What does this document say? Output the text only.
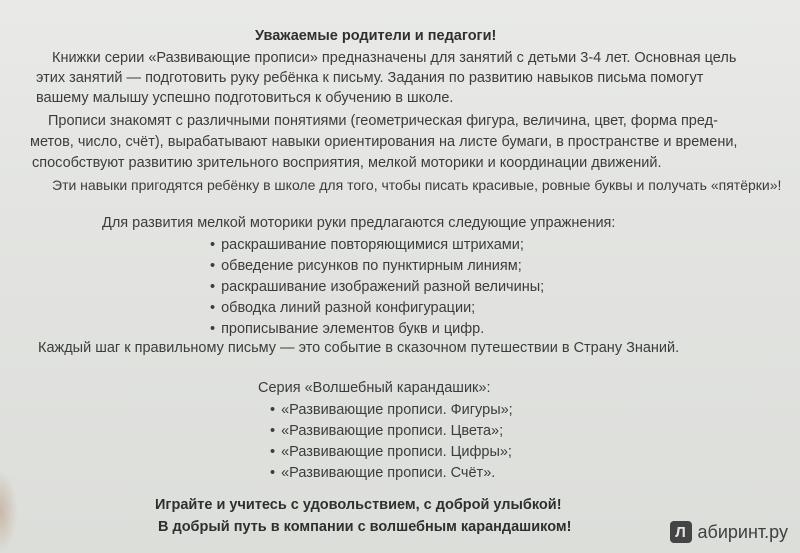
Уважаемые родители и педагоги!

Книжки серии «Развивающие прописи» предназначены для занятий с детьми 3-4 лет. Основная цель

этих занятий — подготовить руку ребёнка к письму. Задания по развитию навыков письма помогут

вашему малышу успешно подготовиться к обучению в школе.

Прописи знакомят с различными понятиями (геометрическая фигура, величина, цвет, форма пред-

метов, число, счёт), вырабатывают навыки ориентирования на листе бумаги, в пространстве и времени,

способствуют развитию зрительного восприятия, мелкой моторики и координации движений.

Эти навыки пригодятся ребёнку в школе для того, чтобы писать красивые, ровные буквы и получать «пятёрки»!

Для развития мелкой моторики руки предлагаются следующие упражнения:

• раскрашивание повторяющимися штрихами;
• обведение рисунков по пунктирным линиям;
• раскрашивание изображений разной величины;
• обводка линий разной конфигурации;
• прописывание элементов букв и цифр.

Каждый шаг к правильному письму — это событие в сказочном путешествии в Страну Знаний.

Серия «Волшебный карандашик»:

• «Развивающие прописи. Фигуры»;
• «Развивающие прописи. Цвета»;
• «Развивающие прописи. Цифры»;
• «Развивающие прописи. Счёт».

Играйте и учитесь с удовольствием, с доброй улыбкой!

В добрый путь в компании с волшебным карандашиком!	Л абиринт.ру
